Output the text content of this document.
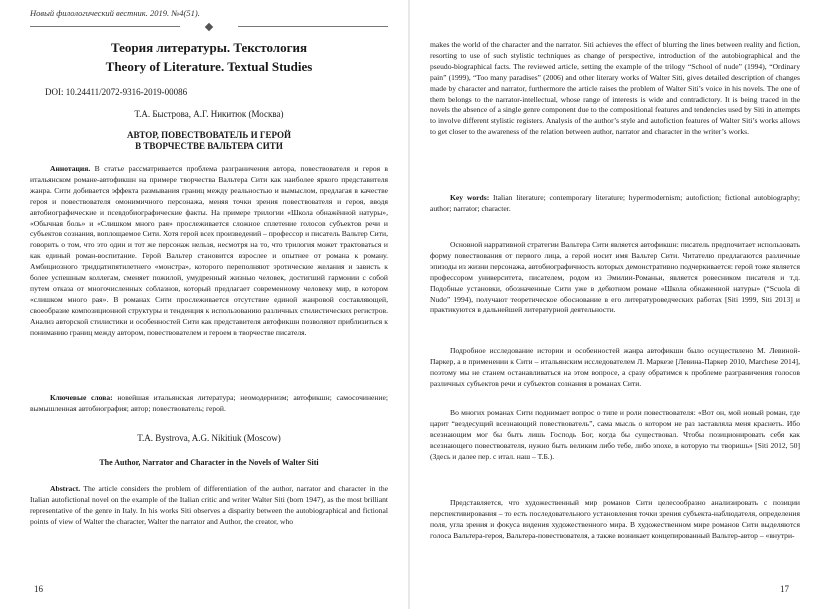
Новый филологический вестник. 2019. №4(51).
Теория литературы. Текстология
Theory of Literature. Textual Studies
DOI: 10.24411/2072-9316-2019-00086
Т.А. Быстрова, А.Г. Никитюк (Москва)
АВТОР, ПОВЕСТВОВАТЕЛЬ И ГЕРОЙ
В ТВОРЧЕСТВЕ ВАЛЬТЕРА СИТИ

Аннотация. В статье рассматривается проблема разграничения автора, повествователя и героя в итальянском романе-автофикшн на примере творчества Вальтера Сити как наиболее яркого представителя жанра. Сити добивается эффекта размывания границ между реальностью и вымыслом, предлагая в качестве героя и повествователя омонимичного персонажа, меняя точки зрения повествователя и героя, вводя автобиографические и псевдобиографические факты. На примере трилогии «Школа обнажённой натуры», «Обычная боль» и «Слишком много рая» прослеживается сложное сплетение голосов субъектов речи и субъектов сознания, воплощаемое Сити. Хотя герой всех произведений – профессор и писатель Вальтер Сити, говорить о том, что это один и тот же персонаж нельзя, несмотря на то, что трилогия может трактоваться и как единый роман-воспитание. Герой Вальтер становится взрослее и опытнее от романа к роману. Амбициозного тридцатипятилетнего «монстра», которого переполняют эротические желания и зависть к более успешным коллегам, сменяет пожилой, умудренный жизнью человек, достигший гармонии с собой путем отказа от многочисленных соблазнов, который предлагает современному человеку мир, в котором «слишком много рая». В романах Сити прослеживается отсутствие единой жанровой составляющей, своеобразие композиционной структуры и тенденция к использованию различных стилистических регистров. Анализ авторской стилистики и особенностей Сити как представителя автофикшн позволяют приблизиться к пониманию границ между автором, повествователем и героем в творчестве писателя.

Ключевые слова: новейшая итальянская литература; неомодернизм; автофикшн; самосочинение; вымышленная автобиография; автор; повествователь; герой.

T.A. Bystrova, A.G. Nikitiuk (Moscow)
The Author, Narrator and Character in the Novels of Walter Siti

Abstract. The article considers the problem of differentiation of the author, narrator and character in the Italian autofictional novel on the example of the Italian critic and writer Walter Siti (born 1947), as the most brilliant representative of the genre in Italy. In his works Siti observes a disparity between the autobiographical and fictional points of view of Walter the character, Walter the narrator and Author, the creator, who

16

makes the world of the character and the narrator. Siti achieves the effect of blurring the lines between reality and fiction, resorting to use of such stylistic techniques as change of perspective, introduction of the autobiographical and the pseudo-biographical facts. The reviewed article, setting the example of the trilogy “School of nude” (1994), “Ordinary pain” (1999), “Too many paradises” (2006) and other literary works of Walter Siti, gives detailed description of changes made by character and narrator, furthermore the article raises the problem of Walter Siti’s voice in his novels. The one of them belongs to the narrator-intellectual, whose range of interests is wide and contradictory. It is being traced in the novels the absence of a single genre component due to the compositional features and tendencies used by Siti in attempts to involve different stylistic registers. Analysis of the author’s style and autofiction features of Walter Siti’s works allows to get closer to the awareness of the relation between author, narrator and character in the writer’s works.

Key words: Italian literature; contemporary literature; hypermodernism; autofiction; fictional autobiography; author; narrator; character.

Основной нарративной стратегии Вальтера Сити является автофикшн: писатель предпочитает использовать форму повествования от первого лица, а герой носит имя Вальтер Сити. Читателю предлагаются различные эпизоды из жизни персонажа, автобиографичность которых демонстративно подчеркивается: герой тоже является профессором университета, писателем, родом из Эмилии-Романьи, является ровесником писателя и т.д. Подобные установки, обозначенные Сити уже в дебютном романе «Школа обнаженной натуры» (“Scuola di Nudo” 1994), получают теоретическое обоснование в его литературоведческих работах [Siti 1999, Siti 2013] и практикуются в дальнейшей литературной деятельности.

Подробное исследование истории и особенностей жанра автофикшн было осуществлено М. Левиной-Паркер, а в применении к Сити – итальянским исследователем Л. Маркезе [Левина-Паркер 2010, Marchese 2014], поэтому мы не станем останавливаться на этом вопросе, а сразу обратимся к проблеме разграничения голосов различных субъектов речи и субъектов сознания в романах Сити.

Во многих романах Сити поднимает вопрос о типе и роли повествователя: «Вот он, мой новый роман, где царит “вездесущий всезнающий повествователь”, сама мысль о котором не раз заставляла меня краснеть. Ибо всезнающим мог бы быть лишь Господь Бог, когда бы существовал. Чтобы позиционировать себя как всезнающего повествователя, нужно быть великим либо тебе, либо эпохе, в которую ты творишь» [Siti 2012, 50] (Здесь и далее пер. с итал. наш – Т.Б.).

Представляется, что художественный мир романов Сити целесообразно анализировать с позиции перспективирования – то есть последовательного установления точки зрения субъекта-наблюдателя, определения поля, угла зрения и фокуса видения художественного мира. В художественном мире романов Сити выделяются голоса Вальтера-героя, Вальтера-повествователя, а также возникает концепированный Вальтер-автор – «внутри-

17
